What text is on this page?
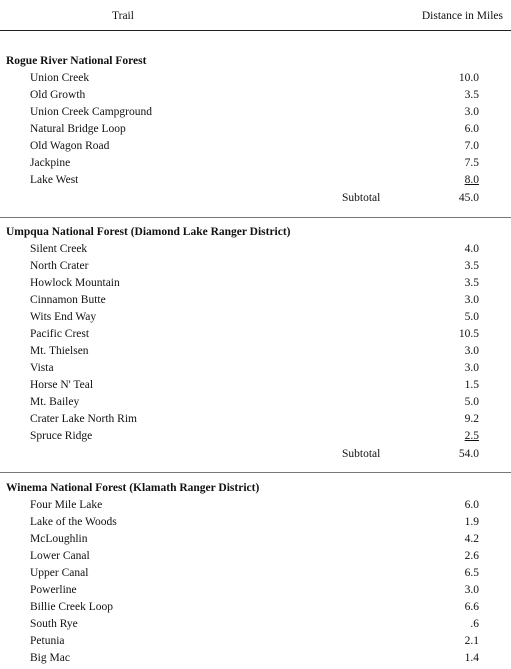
Trail	Distance in Miles
Rogue River National Forest
Union Creek	10.0
Old Growth	3.5
Union Creek Campground	3.0
Natural Bridge Loop	6.0
Old Wagon Road	7.0
Jackpine	7.5
Lake West	8.0
Subtotal	45.0
Umpqua National Forest (Diamond Lake Ranger District)
Silent Creek	4.0
North Crater	3.5
Howlock Mountain	3.5
Cinnamon Butte	3.0
Wits End Way	5.0
Pacific Crest	10.5
Mt. Thielsen	3.0
Vista	3.0
Horse N' Teal	1.5
Mt. Bailey	5.0
Crater Lake North Rim	9.2
Spruce Ridge	2.5
Subtotal	54.0
Winema National Forest (Klamath Ranger District)
Four Mile Lake	6.0
Lake of the Woods	1.9
McLoughlin	4.2
Lower Canal	2.6
Upper Canal	6.5
Powerline	3.0
Billie Creek Loop	6.6
South Rye	.6
Petunia	2.1
Big Mac	1.4
